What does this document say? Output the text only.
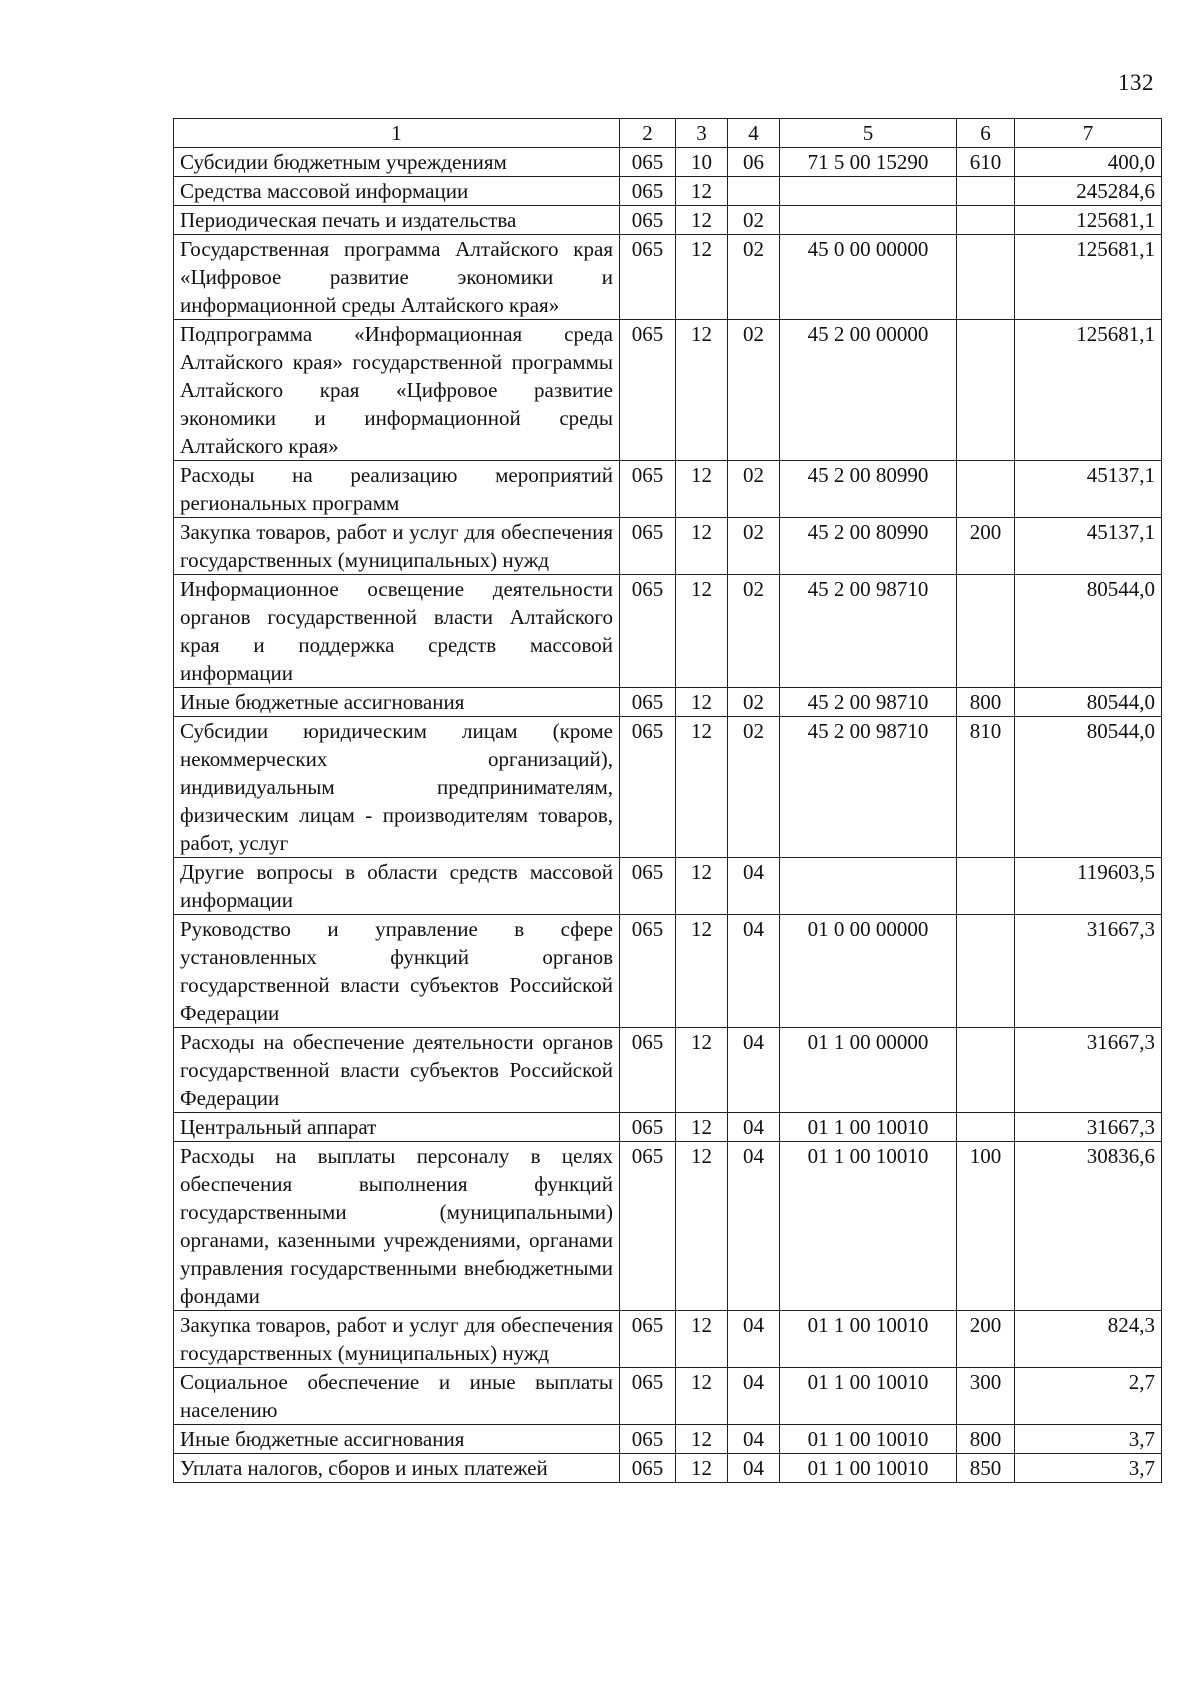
132
1	2	3	4	5	6	7
Субсидии бюджетным учреждениям	065	10	06	71 5 00 15290	610	400,0
Средства массовой информации	065	12				245284,6
Периодическая печать и издательства	065	12	02			125681,1
Государственная программа Алтайского края «Цифровое развитие экономики и информационной среды Алтайского края»	065	12	02	45 0 00 00000		125681,1
Подпрограмма «Информационная среда Алтайского края» государственной программы Алтайского края «Цифровое развитие экономики и информационной среды Алтайского края»	065	12	02	45 2 00 00000		125681,1
Расходы на реализацию мероприятий региональных программ	065	12	02	45 2 00 80990		45137,1
Закупка товаров, работ и услуг для обеспечения государственных (муниципальных) нужд	065	12	02	45 2 00 80990	200	45137,1
Информационное освещение деятельности органов государственной власти Алтайского края и поддержка средств массовой информации	065	12	02	45 2 00 98710		80544,0
Иные бюджетные ассигнования	065	12	02	45 2 00 98710	800	80544,0
Субсидии юридическим лицам (кроме некоммерческих организаций), индивидуальным предпринимателям, физическим лицам - производителям товаров, работ, услуг	065	12	02	45 2 00 98710	810	80544,0
Другие вопросы в области средств массовой информации	065	12	04			119603,5
Руководство и управление в сфере установленных функций органов государственной власти субъектов Российской Федерации	065	12	04	01 0 00 00000		31667,3
Расходы на обеспечение деятельности органов государственной власти субъектов Российской Федерации	065	12	04	01 1 00 00000		31667,3
Центральный аппарат	065	12	04	01 1 00 10010		31667,3
Расходы на выплаты персоналу в целях обеспечения выполнения функций государственными (муниципальными) органами, казенными учреждениями, органами управления государственными внебюджетными фондами	065	12	04	01 1 00 10010	100	30836,6
Закупка товаров, работ и услуг для обеспечения государственных (муниципальных) нужд	065	12	04	01 1 00 10010	200	824,3
Социальное обеспечение и иные выплаты населению	065	12	04	01 1 00 10010	300	2,7
Иные бюджетные ассигнования	065	12	04	01 1 00 10010	800	3,7
Уплата налогов, сборов и иных платежей	065	12	04	01 1 00 10010	850	3,7
